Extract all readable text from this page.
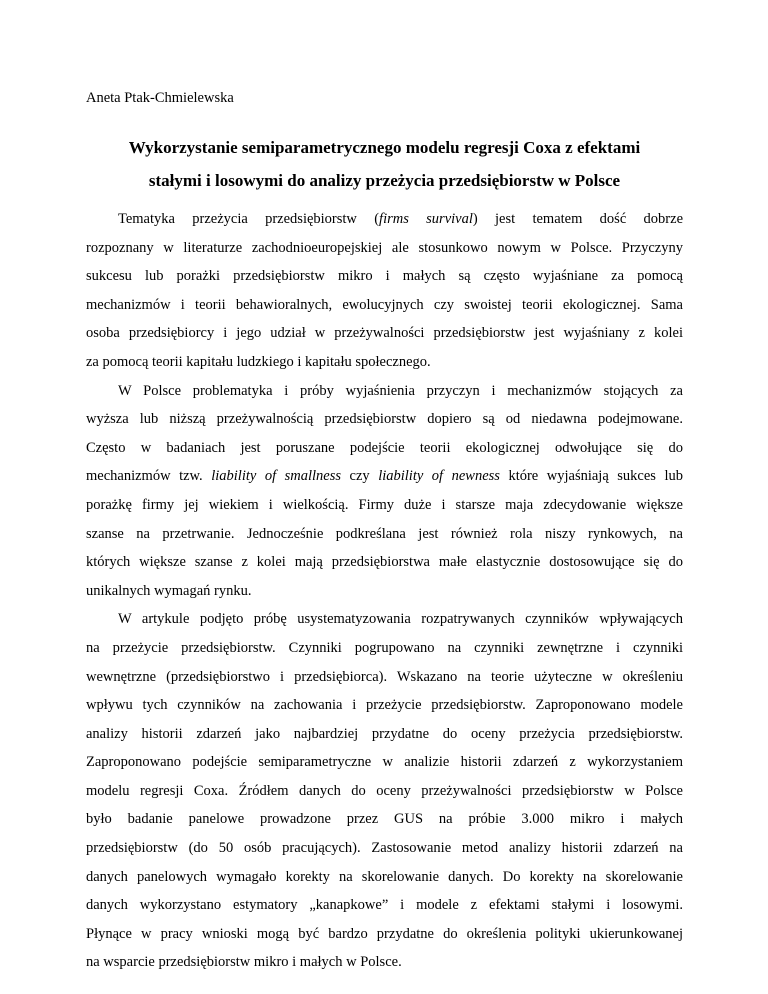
Aneta Ptak-Chmielewska

Wykorzystanie semiparametrycznego modelu regresji Coxa z efektami
stałymi i losowymi do analizy przeżycia przedsiębiorstw w Polsce

Tematyka przeżycia przedsiębiorstw (firms survival) jest tematem dość dobrze
rozpoznany w literaturze zachodnioeuropejskiej ale stosunkowo nowym w Polsce. Przyczyny
sukcesu lub porażki przedsiębiorstw mikro i małych są często wyjaśniane za pomocą
mechanizmów i teorii behawioralnych, ewolucyjnych czy swoistej teorii ekologicznej. Sama
osoba przedsiębiorcy i jego udział w przeżywalności przedsiębiorstw jest wyjaśniany z kolei
za pomocą teorii kapitału ludzkiego i kapitału społecznego.

W Polsce problematyka i próby wyjaśnienia przyczyn i mechanizmów stojących za
wyższa lub niższą przeżywalnością przedsiębiorstw dopiero są od niedawna podejmowane.
Często w badaniach jest poruszane podejście teorii ekologicznej odwołujące się do
mechanizmów tzw. liability of smallness czy liability of newness które wyjaśniają sukces lub
porażkę firmy jej wiekiem i wielkością. Firmy duże i starsze maja zdecydowanie większe
szanse na przetrwanie. Jednocześnie podkreślana jest również rola niszy rynkowych, na
których większe szanse z kolei mają przedsiębiorstwa małe elastycznie dostosowujące się do
unikalnych wymagań rynku.

W artykule podjęto próbę usystematyzowania rozpatrywanych czynników wpływających
na przeżycie przedsiębiorstw. Czynniki pogrupowano na czynniki zewnętrzne i czynniki
wewnętrzne (przedsiębiorstwo i przedsiębiorca). Wskazano na teorie użyteczne w określeniu
wpływu tych czynników na zachowania i przeżycie przedsiębiorstw. Zaproponowano modele
analizy historii zdarzeń jako najbardziej przydatne do oceny przeżycia przedsiębiorstw.
Zaproponowano podejście semiparametryczne w analizie historii zdarzeń z wykorzystaniem
modelu regresji Coxa. Źródłem danych do oceny przeżywalności przedsiębiorstw w Polsce
było badanie panelowe prowadzone przez GUS na próbie 3.000 mikro i małych
przedsiębiorstw (do 50 osób pracujących). Zastosowanie metod analizy historii zdarzeń na
danych panelowych wymagało korekty na skorelowanie danych. Do korekty na skorelowanie
danych wykorzystano estymatory „kanapkowe” i modele z efektami stałymi i losowymi.
Płynące w pracy wnioski mogą być bardzo przydatne do określenia polityki ukierunkowanej
na wsparcie przedsiębiorstw mikro i małych w Polsce.
